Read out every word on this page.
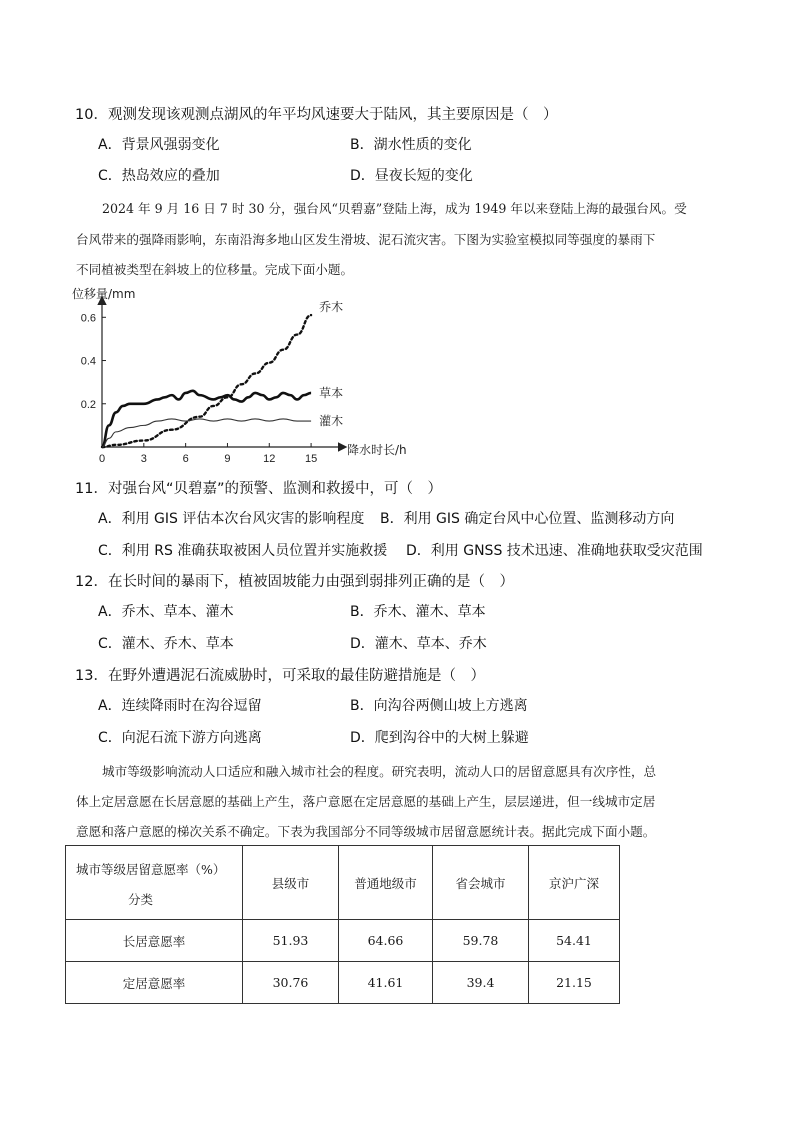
10．观测发现该观测点湖风的年平均风速要大于陆风，其主要原因是（　）
A．背景风强弱变化	B．湖水性质的变化
C．热岛效应的叠加	D．昼夜长短的变化
2024 年 9 月 16 日 7 时 30 分，强台风“贝碧嘉”登陆上海，成为 1949 年以来登陆上海的最强台风。受
台风带来的强降雨影响，东南沿海多地山区发生滑坡、泥石流灾害。下图为实验室模拟同等强度的暴雨下
不同植被类型在斜坡上的位移量。完成下面小题。
位移量/mm
降水时长/h
0	3	6	9	12	15
0.2
0.4
0.6
乔木
草本
灌木
11．对强台风“贝碧嘉”的预警、监测和救援中，可（　）
A．利用 GIS 评估本次台风灾害的影响程度 B．利用 GIS 确定台风中心位置、监测移动方向
C．利用 RS 准确获取被困人员位置并实施救援 D．利用 GNSS 技术迅速、准确地获取受灾范围
12．在长时间的暴雨下，植被固坡能力由强到弱排列正确的是（　）
A．乔木、草本、灌木	B．乔木、灌木、草本
C．灌木、乔木、草本	D．灌木、草本、乔木
13．在野外遭遇泥石流威胁时，可采取的最佳防避措施是（　）
A．连续降雨时在沟谷逗留	B．向沟谷两侧山坡上方逃离
C．向泥石流下游方向逃离	D．爬到沟谷中的大树上躲避
城市等级影响流动人口适应和融入城市社会的程度。研究表明，流动人口的居留意愿具有次序性，总
体上定居意愿在长居意愿的基础上产生，落户意愿在定居意愿的基础上产生，层层递进，但一线城市定居
意愿和落户意愿的梯次关系不确定。下表为我国部分不同等级城市居留意愿统计表。据此完成下面小题。
城市等级居留意愿率（%）
分类	县级市	普通地级市	省会城市	京沪广深
长居意愿率	51.93	64.66	59.78	54.41
定居意愿率	30.76	41.61	39.4	21.15
